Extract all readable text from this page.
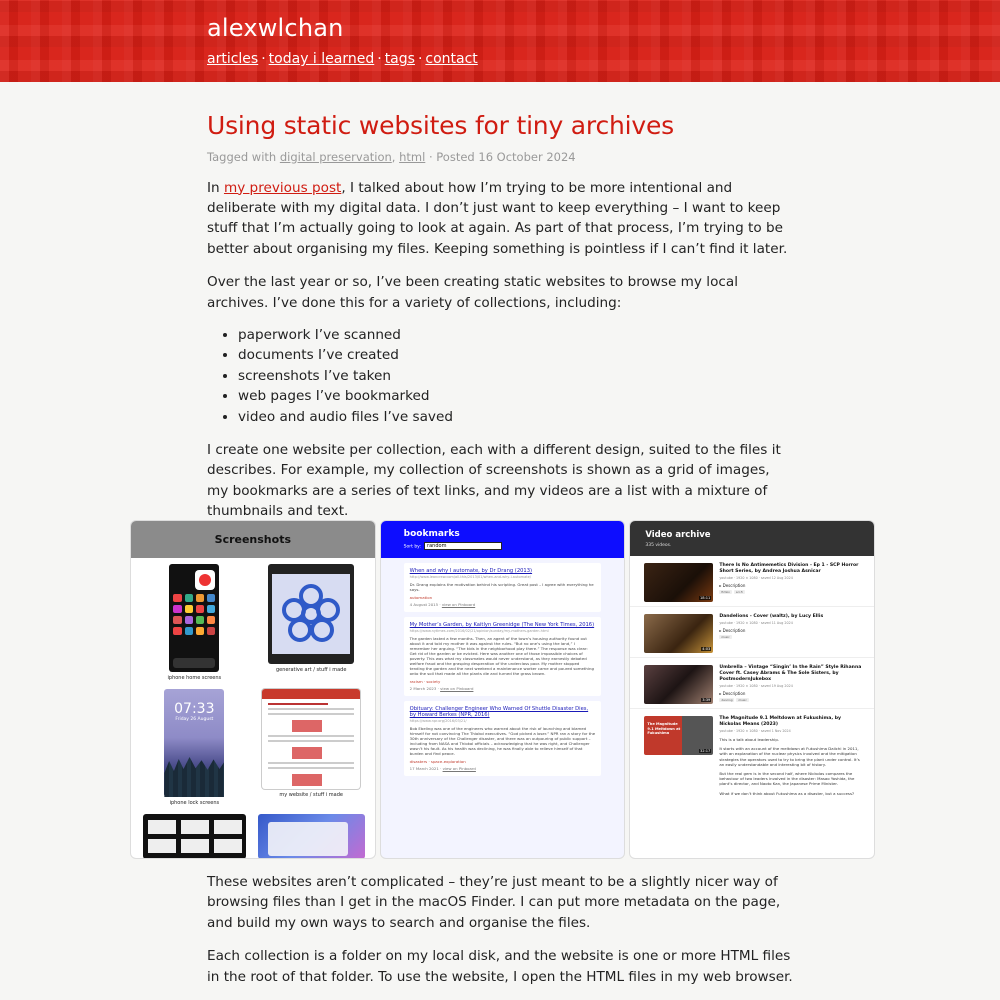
alexwlchan
articles · today i learned · tags · contact
Using static websites for tiny archives
Tagged with digital preservation, html · Posted 16 October 2024

In my previous post, I talked about how I’m trying to be more intentional and deliberate with my digital data. I don’t just want to keep everything – I want to keep stuff that I’m actually going to look at again. As part of that process, I’m trying to be better about organising my files. Keeping something is pointless if I can’t find it later.

Over the last year or so, I’ve been creating static websites to browse my local archives. I’ve done this for a variety of collections, including:

• paperwork I’ve scanned
• documents I’ve created
• screenshots I’ve taken
• web pages I’ve bookmarked
• video and audio files I’ve saved

I create one website per collection, each with a different design, suited to the files it describes. For example, my collection of screenshots is shown as a grid of images, my bookmarks are a series of text links, and my videos are a list with a mixture of thumbnails and text.

Screenshots
iphone home screens
generative art / stuff i made
07:33
Friday 26 August
iphone lock screens
my website / stuff i made
bookmarks
Sort by: random
When and why I automate, by Dr Drang (2013)
http://www.leancrew.com/all-this/2013/01/when-and-why-i-automate/
Dr. Drang explains the motivation behind his scripting. Great post – I agree with everything he says.
automation
4 August 2015 · view on Pinboard
My Mother’s Garden, by Kaitlyn Greenidge (The New York Times, 2016)
https://www.nytimes.com/2016/02/21/opinion/sunday/my-mothers-garden.html
The garden lasted a few months. Then, an agent of the town’s housing authority found out about it and told my mother it was against the rules. “But no one’s using the land,” I remember her arguing. “The kids in the neighborhood play there.” The response was clear: Get rid of the garden or be evicted. Here was another one of those impossible choices of poverty. This was what my classmates would never understand, as they earnestly debated welfare fraud and the grasping desperation of the underclass poor. My mother stopped tending the garden and the next weekend a maintenance worker came and poured something onto the soil that made all the plants die and turned the grass brown.
racism · society
2 March 2023 · view on Pinboard
Obituary: Challenger Engineer Who Warned Of Shuttle Disaster Dies, by Howard Berkes (NPR, 2016)
https://www.npr.org/2016/03/21/
Bob Ebeling was one of the engineers who warned about the risk of launching and blamed himself for not convincing The Thiokol executives. “God picked a loser.” NPR ran a story for the 30th anniversary of the Challenger disaster, and there was an outpouring of public support – including from NASA and Thiokol officials – acknowledging that he was right, and Challenger wasn’t his fault. As his health was declining, he was finally able to relieve himself of that burden and find peace.
disasters · space-exploration
17 March 2021 · view on Pinboard
Video archive
335 videos.
18:11
There Is No Antimemetics Division - Ep 1 - SCP Horror Short Series, by Andrea Joshua Asnicar
youtube · 1920 × 1080 · saved 12 Aug 2024
▸ Description
fiction	sci-fi
4:03
Dandelions - Cover (waltz), by Lucy Ellis
youtube · 1920 × 1080 · saved 11 Aug 2024
▸ Description
music
3:39
Umbrella – Vintage “Singin’ In the Rain” Style Rihanna Cover ft. Casey Abrams & The Sole Sisters, by PostmodernJukebox
youtube · 1920 × 1080 · saved 19 Aug 2024
▸ Description
dancing	music
The Magnitude 9.1 Meltdown at Fukushima
32:17
The Magnitude 9.1 Meltdown at Fukushima, by Nickolas Means (2023)
youtube · 1920 × 1080 · saved 1 Nov 2024
This is a talk about leadership.
It starts with an account of the meltdown at Fukushima Daiichi in 2011, with an explanation of the nuclear physics involved and the mitigation strategies the operators used to try to bring the plant under control. It’s an easily understandable and interesting bit of history.
But the real gem is in the second half, where Nickolas compares the behaviour of two leaders involved in the disaster: Masao Yoshida, the plant’s director, and Naoto Kan, the Japanese Prime Minister.
What if we don’t think about Fukushima as a disaster, but a success?

These websites aren’t complicated – they’re just meant to be a slightly nicer way of browsing files than I get in the macOS Finder. I can put more metadata on the page, and build my own ways to search and organise the files.

Each collection is a folder on my local disk, and the website is one or more HTML files in the root of that folder. To use the website, I open the HTML files in my web browser.
